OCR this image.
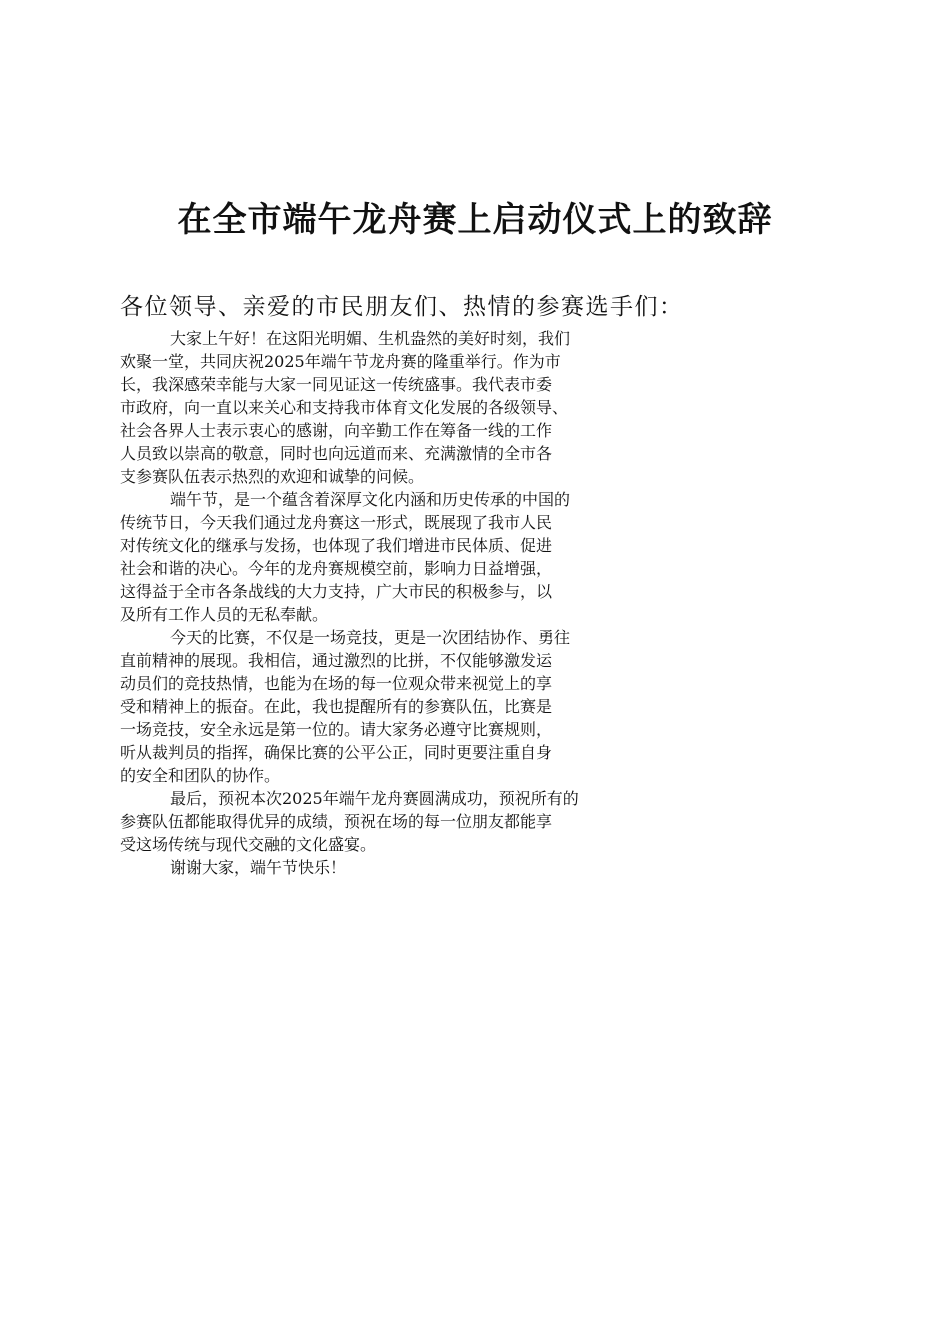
在全市端午龙舟赛上启动仪式上的致辞

各位领导、亲爱的市民朋友们、热情的参赛选手们：

大家上午好！在这阳光明媚、生机盎然的美好时刻，我们
欢聚一堂，共同庆祝2025年端午节龙舟赛的隆重举行。作为市
长，我深感荣幸能与大家一同见证这一传统盛事。我代表市委
市政府，向一直以来关心和支持我市体育文化发展的各级领导、
社会各界人士表示衷心的感谢，向辛勤工作在筹备一线的工作
人员致以崇高的敬意，同时也向远道而来、充满激情的全市各
支参赛队伍表示热烈的欢迎和诚挚的问候。
端午节，是一个蕴含着深厚文化内涵和历史传承的中国的
传统节日，今天我们通过龙舟赛这一形式，既展现了我市人民
对传统文化的继承与发扬，也体现了我们增进市民体质、促进
社会和谐的决心。今年的龙舟赛规模空前，影响力日益增强，
这得益于全市各条战线的大力支持，广大市民的积极参与，以
及所有工作人员的无私奉献。
今天的比赛，不仅是一场竞技，更是一次团结协作、勇往
直前精神的展现。我相信，通过激烈的比拼，不仅能够激发运
动员们的竞技热情，也能为在场的每一位观众带来视觉上的享
受和精神上的振奋。在此，我也提醒所有的参赛队伍，比赛是
一场竞技，安全永远是第一位的。请大家务必遵守比赛规则，
听从裁判员的指挥，确保比赛的公平公正，同时更要注重自身
的安全和团队的协作。
最后，预祝本次2025年端午龙舟赛圆满成功，预祝所有的
参赛队伍都能取得优异的成绩，预祝在场的每一位朋友都能享
受这场传统与现代交融的文化盛宴。
谢谢大家，端午节快乐！
